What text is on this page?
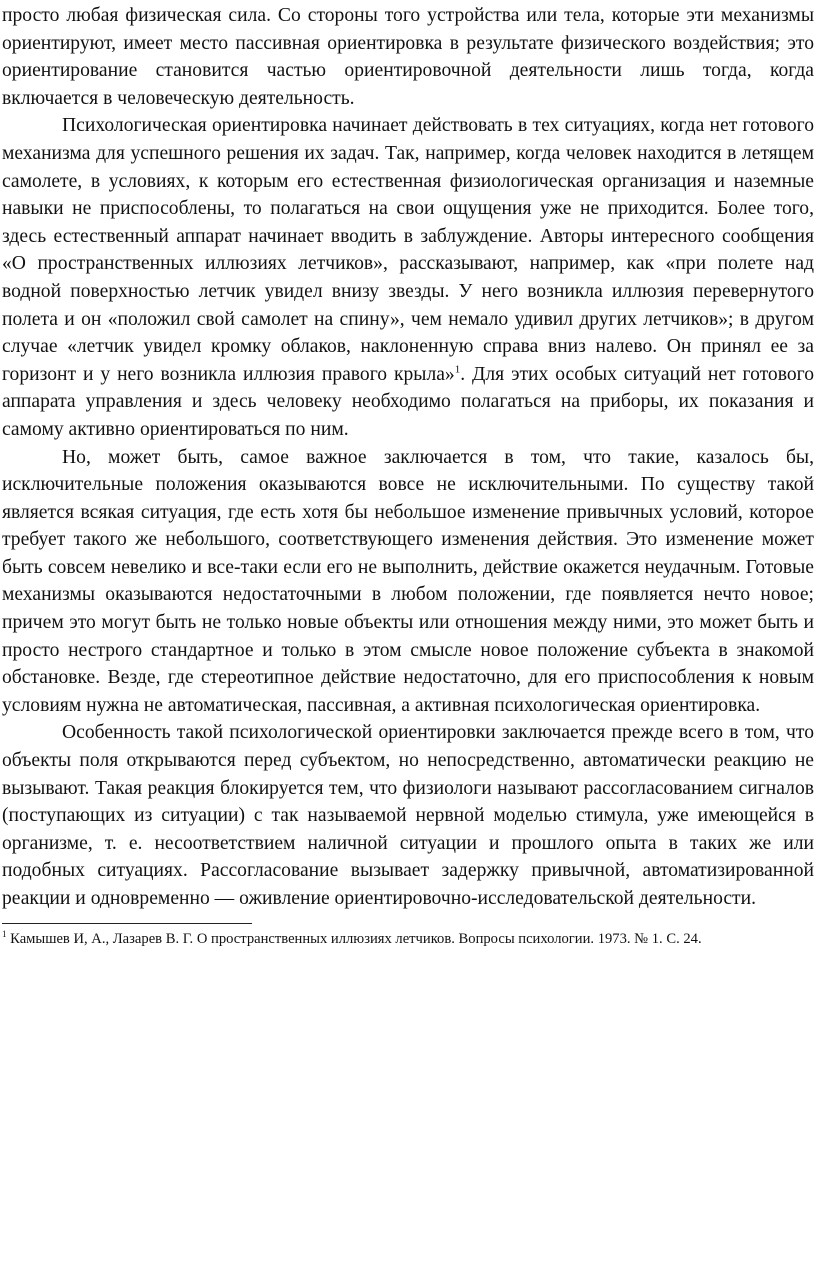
просто любая физическая сила. Со стороны того устройства или тела, которые эти механизмы ориентируют, имеет место пассивная ориентировка в результате физического воздействия; это ориентирование становится частью ориентировочной деятельности лишь тогда, когда включается в человеческую деятельность.

Психологическая ориентировка начинает действовать в тех ситуациях, когда нет готового механизма для успешного решения их задач. Так, например, когда человек находится в летящем самолете, в условиях, к которым его естественная физиологическая организация и наземные навыки не приспособлены, то полагаться на свои ощущения уже не приходится. Более того, здесь естественный аппарат начинает вводить в заблуждение. Авторы интересного сообщения «О пространственных иллюзиях летчиков», рассказывают, например, как «при полете над водной поверхностью летчик увидел внизу звезды. У него возникла иллюзия перевернутого полета и он «положил свой самолет на спину», чем немало удивил других летчиков»; в другом случае «летчик увидел кромку облаков, наклоненную справа вниз налево. Он принял ее за горизонт и у него возникла иллюзия правого крыла»$^1$. Для этих особых ситуаций нет готового аппарата управления и здесь человеку необходимо полагаться на приборы, их показания и самому активно ориентироваться по ним.

Но, может быть, самое важное заключается в том, что такие, казалось бы, исключительные положения оказываются вовсе не исключительными. По существу такой является всякая ситуация, где есть хотя бы небольшое изменение привычных условий, которое требует такого же небольшого, соответствующего изменения действия. Это изменение может быть совсем невелико и все-таки если его не выполнить, действие окажется неудачным. Готовые механизмы оказываются недостаточными в любом положении, где появляется нечто новое; причем это могут быть не только новые объекты или отношения между ними, это может быть и просто нестрого стандартное и только в этом смысле новое положение субъекта в знакомой обстановке. Везде, где стереотипное действие недостаточно, для его приспособления к новым условиям нужна не автоматическая, пассивная, а активная психологическая ориентировка.

Особенность такой психологической ориентировки заключается прежде всего в том, что объекты поля открываются перед субъектом, но непосредственно, автоматически реакцию не вызывают. Такая реакция блокируется тем, что физиологи называют рассогласованием сигналов (поступающих из ситуации) с так называемой нервной моделью стимула, уже имеющейся в организме, т. е. несоответствием наличной ситуации и прошлого опыта в таких же или подобных ситуациях. Рассогласование вызывает задержку привычной, автоматизированной реакции и одновременно — оживление ориентировочно-исследовательской деятельности.

$^1$ Камышев И, А., Лазарев В. Г. О пространственных иллюзиях летчиков. Вопросы психологии. 1973. № 1. С. 24.
